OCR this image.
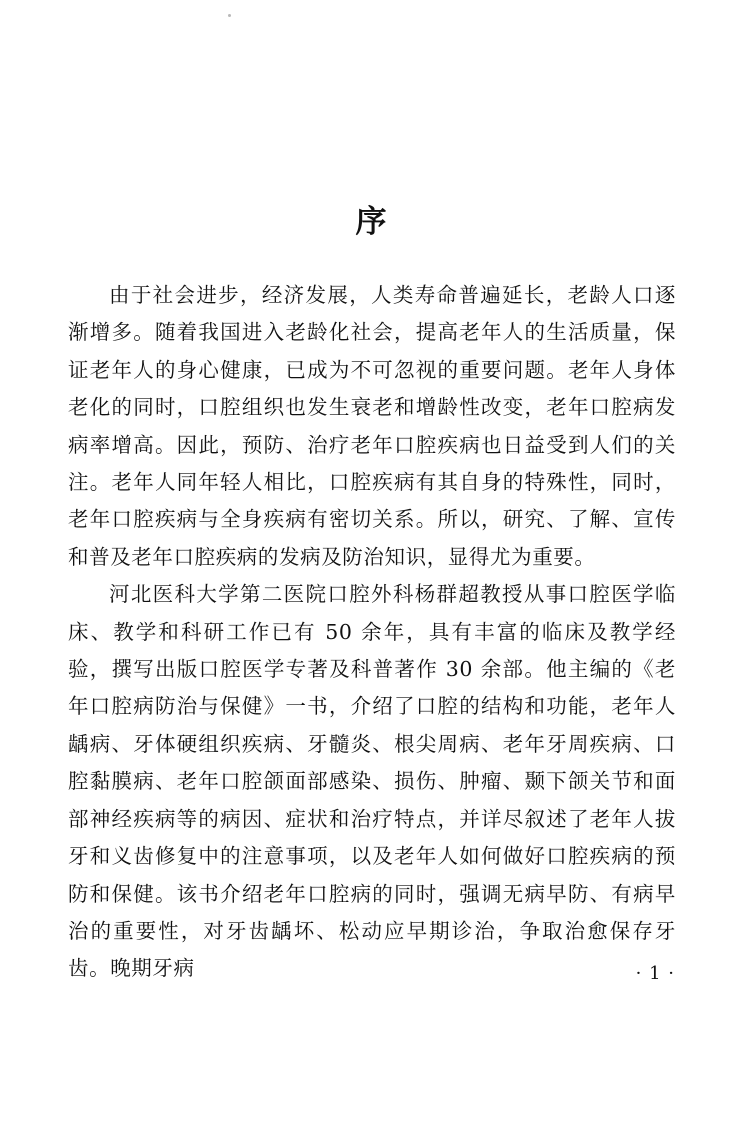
序

由于社会进步，经济发展，人类寿命普遍延长，老龄人口逐渐增多。随着我国进入老龄化社会，提高老年人的生活质量，保证老年人的身心健康，已成为不可忽视的重要问题。老年人身体老化的同时，口腔组织也发生衰老和增龄性改变，老年口腔病发病率增高。因此，预防、治疗老年口腔疾病也日益受到人们的关注。老年人同年轻人相比，口腔疾病有其自身的特殊性，同时，老年口腔疾病与全身疾病有密切关系。所以，研究、了解、宣传和普及老年口腔疾病的发病及防治知识，显得尤为重要。

河北医科大学第二医院口腔外科杨群超教授从事口腔医学临床、教学和科研工作已有 50 余年，具有丰富的临床及教学经验，撰写出版口腔医学专著及科普著作 30 余部。他主编的《老年口腔病防治与保健》一书，介绍了口腔的结构和功能，老年人龋病、牙体硬组织疾病、牙髓炎、根尖周病、老年牙周疾病、口腔黏膜病、老年口腔颌面部感染、损伤、肿瘤、颞下颌关节和面部神经疾病等的病因、症状和治疗特点，并详尽叙述了老年人拔牙和义齿修复中的注意事项，以及老年人如何做好口腔疾病的预防和保健。该书介绍老年口腔病的同时，强调无病早防、有病早治的重要性，对牙齿龋坏、松动应早期诊治，争取治愈保存牙齿。晚期牙病	· 1 ·
